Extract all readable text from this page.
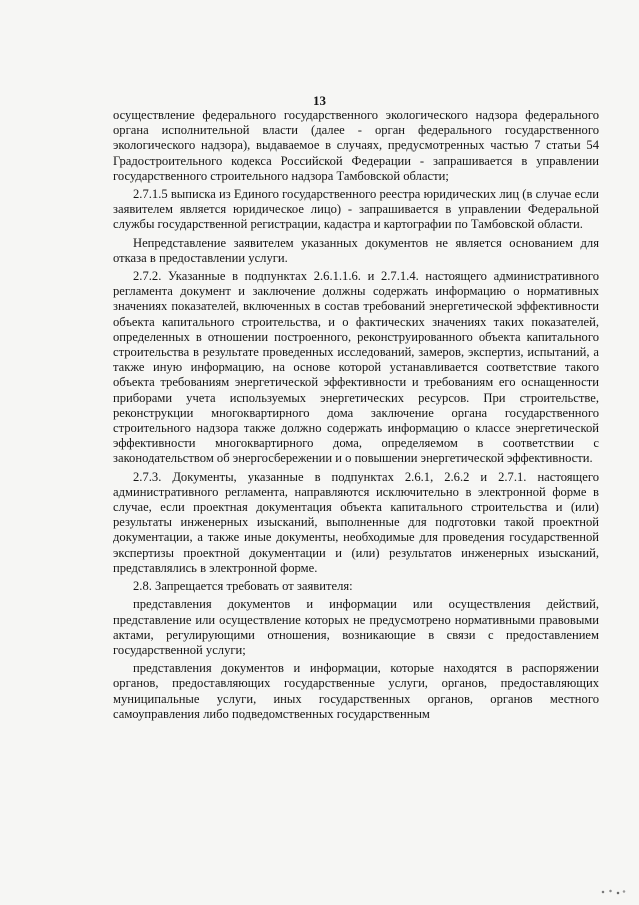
13

осуществление федерального государственного экологического надзора федерального органа исполнительной власти (далее - орган федерального государственного экологического надзора), выдаваемое в случаях, предусмотренных частью 7 статьи 54 Градостроительного кодекса Российской Федерации - запрашивается в управлении государственного строительного надзора Тамбовской области;

2.7.1.5 выписка из Единого государственного реестра юридических лиц (в случае если заявителем является юридическое лицо) - запрашивается в управлении Федеральной службы государственной регистрации, кадастра и картографии по Тамбовской области.

Непредставление заявителем указанных документов не является основанием для отказа в предоставлении услуги.

2.7.2. Указанные в подпунктах 2.6.1.1.6. и 2.7.1.4. настоящего административного регламента документ и заключение должны содержать информацию о нормативных значениях показателей, включенных в состав требований энергетической эффективности объекта капитального строительства, и о фактических значениях таких показателей, определенных в отношении построенного, реконструированного объекта капитального строительства в результате проведенных исследований, замеров, экспертиз, испытаний, а также иную информацию, на основе которой устанавливается соответствие такого объекта требованиям энергетической эффективности и требованиям его оснащенности приборами учета используемых энергетических ресурсов. При строительстве, реконструкции многоквартирного дома заключение органа государственного строительного надзора также должно содержать информацию о классе энергетической эффективности многоквартирного дома, определяемом в соответствии с законодательством об энергосбережении и о повышении энергетической эффективности.

2.7.3. Документы, указанные в подпунктах 2.6.1, 2.6.2 и 2.7.1. настоящего административного регламента, направляются исключительно в электронной форме в случае, если проектная документация объекта капитального строительства и (или) результаты инженерных изысканий, выполненные для подготовки такой проектной документации, а также иные документы, необходимые для проведения государственной экспертизы проектной документации и (или) результатов инженерных изысканий, представлялись в электронной форме.

2.8. Запрещается требовать от заявителя:

представления документов и информации или осуществления действий, представление или осуществление которых не предусмотрено нормативными правовыми актами, регулирующими отношения, возникающие в связи с предоставлением государственной услуги;

представления документов и информации, которые находятся в распоряжении органов, предоставляющих государственные услуги, органов, предоставляющих муниципальные услуги, иных государственных органов, органов местного самоуправления либо подведомственных государственным
